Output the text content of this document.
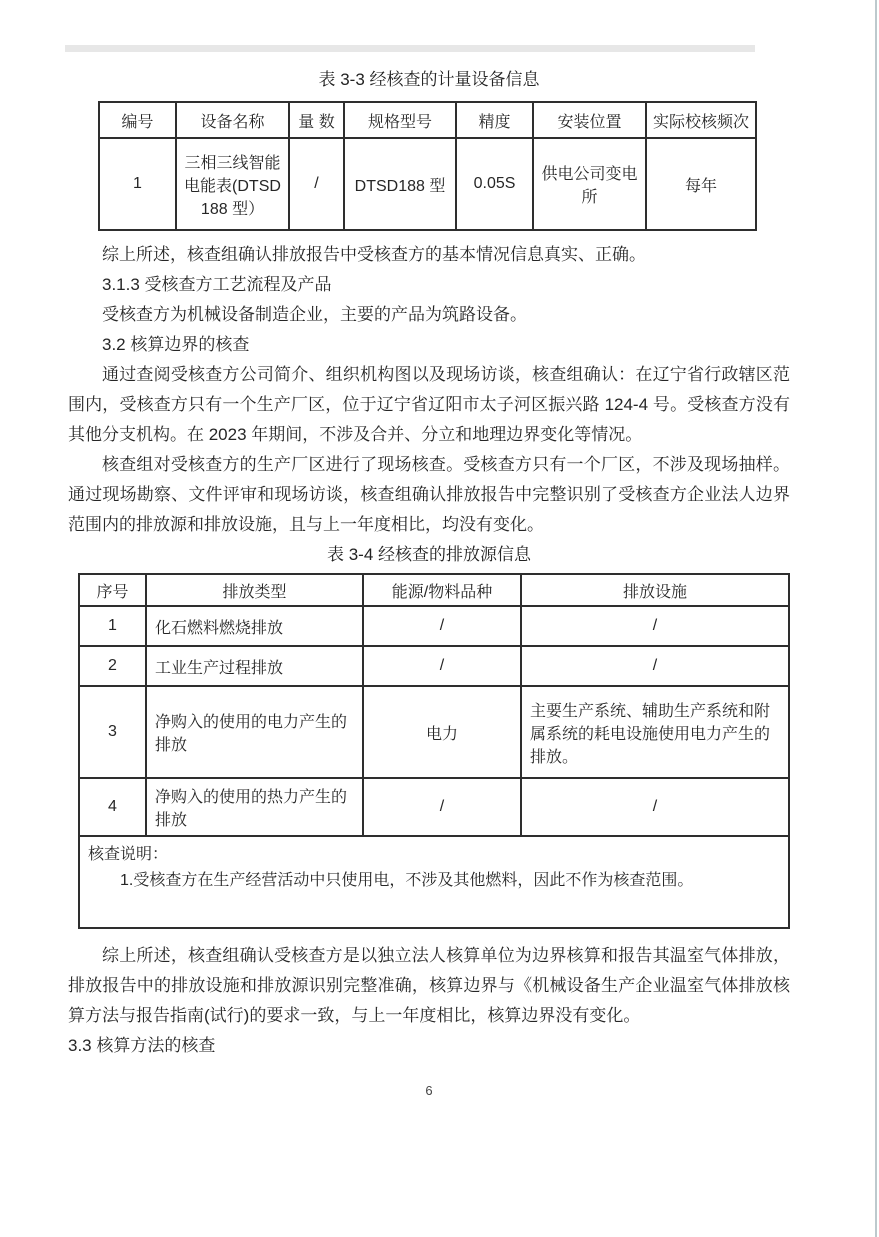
表 3-3 经核查的计量设备信息
编号	设备名称	量 数	规格型号	精度	安装位置	实际校核频次
1	三相三线智能电能表(DTSD188 型）	/	DTSD188 型	0.05S	供电公司变电所	每年

综上所述，核查组确认排放报告中受核查方的基本情况信息真实、正确。

3.1.3 受核查方工艺流程及产品

受核查方为机械设备制造企业，主要的产品为筑路设备。

3.2 核算边界的核查

通过查阅受核查方公司简介、组织机构图以及现场访谈，核查组确认：在辽宁省行政辖区范围内，受核查方只有一个生产厂区，位于辽宁省辽阳市太子河区振兴路 124-4 号。受核查方没有其他分支机构。在 2023 年期间，不涉及合并、分立和地理边界变化等情况。

核查组对受核查方的生产厂区进行了现场核查。受核查方只有一个厂区，不涉及现场抽样。通过现场勘察、文件评审和现场访谈，核查组确认排放报告中完整识别了受核查方企业法人边界范围内的排放源和排放设施，且与上一年度相比，均没有变化。

表 3-4 经核查的排放源信息
序号	排放类型	能源/物料品种	排放设施
1	化石燃料燃烧排放	/	/
2	工业生产过程排放	/	/
3	净购入的使用的电力产生的排放	电力	主要生产系统、辅助生产系统和附属系统的耗电设施使用电力产生的排放。
4	净购入的使用的热力产生的排放	/	/

核查说明：
1.受核查方在生产经营活动中只使用电，不涉及其他燃料，因此不作为核查范围。			

综上所述，核查组确认受核查方是以独立法人核算单位为边界核算和报告其温室气体排放，排放报告中的排放设施和排放源识别完整准确，核算边界与《机械设备生产企业温室气体排放核算方法与报告指南(试行)的要求一致，与上一年度相比，核算边界没有变化。

3.3 核算方法的核查
6
